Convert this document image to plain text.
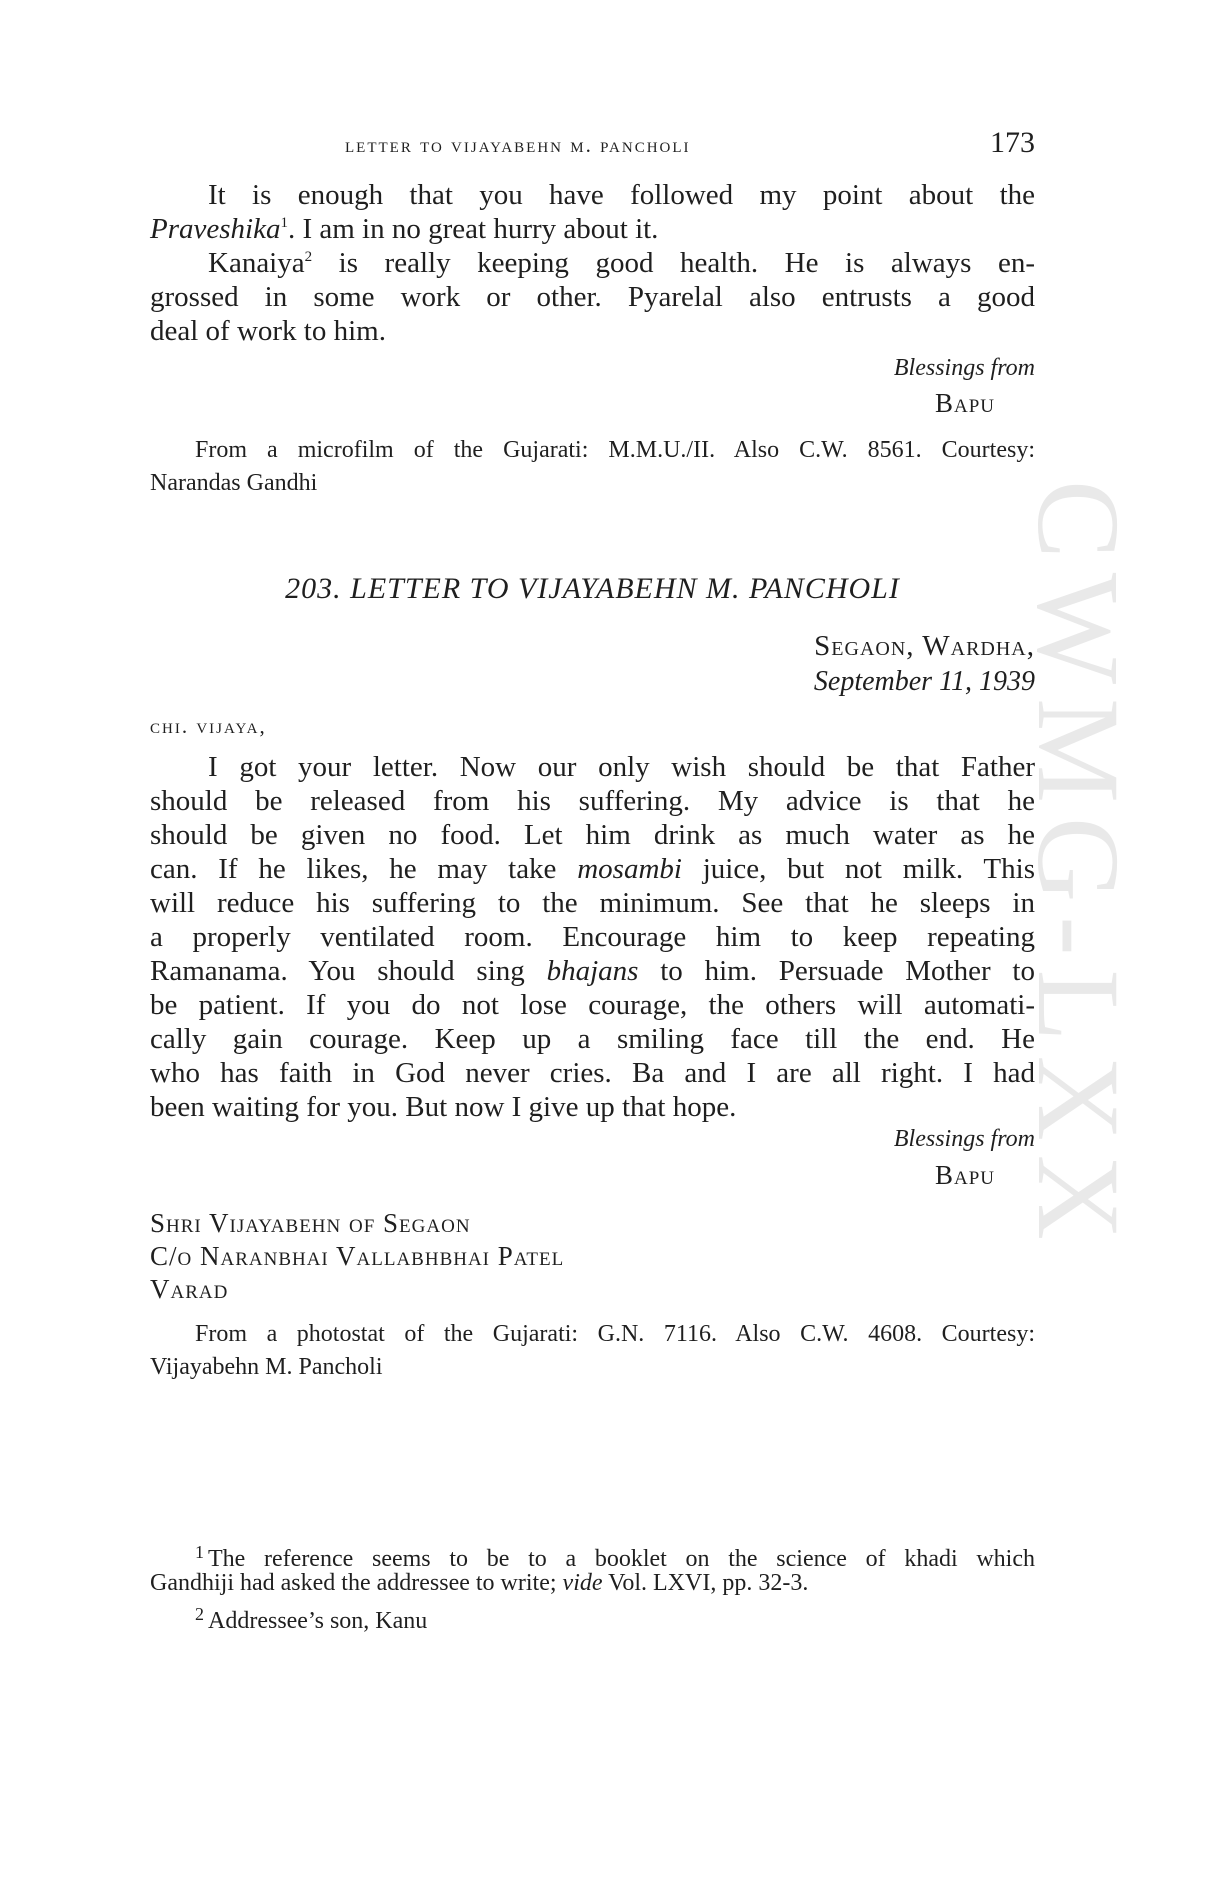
CWMG-LXX
letter to vijayabehn m. pancholi	173
It is enough that you have followed my point about the
Praveshika$^1$. I am in no great hurry about it.
Kanaiya$^2$ is really keeping good health. He is always en-
grossed in some work or other. Pyarelal also entrusts a good
deal of work to him.
Blessings from
Bapu
From a microfilm of the Gujarati: M.M.U./II. Also C.W. 8561. Courtesy:
Narandas Gandhi
203. LETTER TO VIJAYABEHN M. PANCHOLI
Segaon, Wardha,
September 11, 1939
chi. vijaya,
I got your letter. Now our only wish should be that Father
should be released from his suffering. My advice is that he
should be given no food. Let him drink as much water as he
can. If he likes, he may take mosambi juice, but not milk. This
will reduce his suffering to the minimum. See that he sleeps in
a properly ventilated room. Encourage him to keep repeating
Ramanama. You should sing bhajans to him. Persuade Mother to
be patient. If you do not lose courage, the others will automati-
cally gain courage. Keep up a smiling face till the end. He
who has faith in God never cries. Ba and I are all right. I had
been waiting for you. But now I give up that hope.
Blessings from
Bapu
Shri Vijayabehn of Segaon
C/o Naranbhai Vallabhbhai Patel
Varad
From a photostat of the Gujarati: G.N. 7116. Also C.W. 4608. Courtesy:
Vijayabehn M. Pancholi
$^1$ The reference seems to be to a booklet on the science of khadi which
Gandhiji had asked the addressee to write; vide Vol. LXVI, pp. 32-3.
$^2$ Addressee’s son, Kanu
